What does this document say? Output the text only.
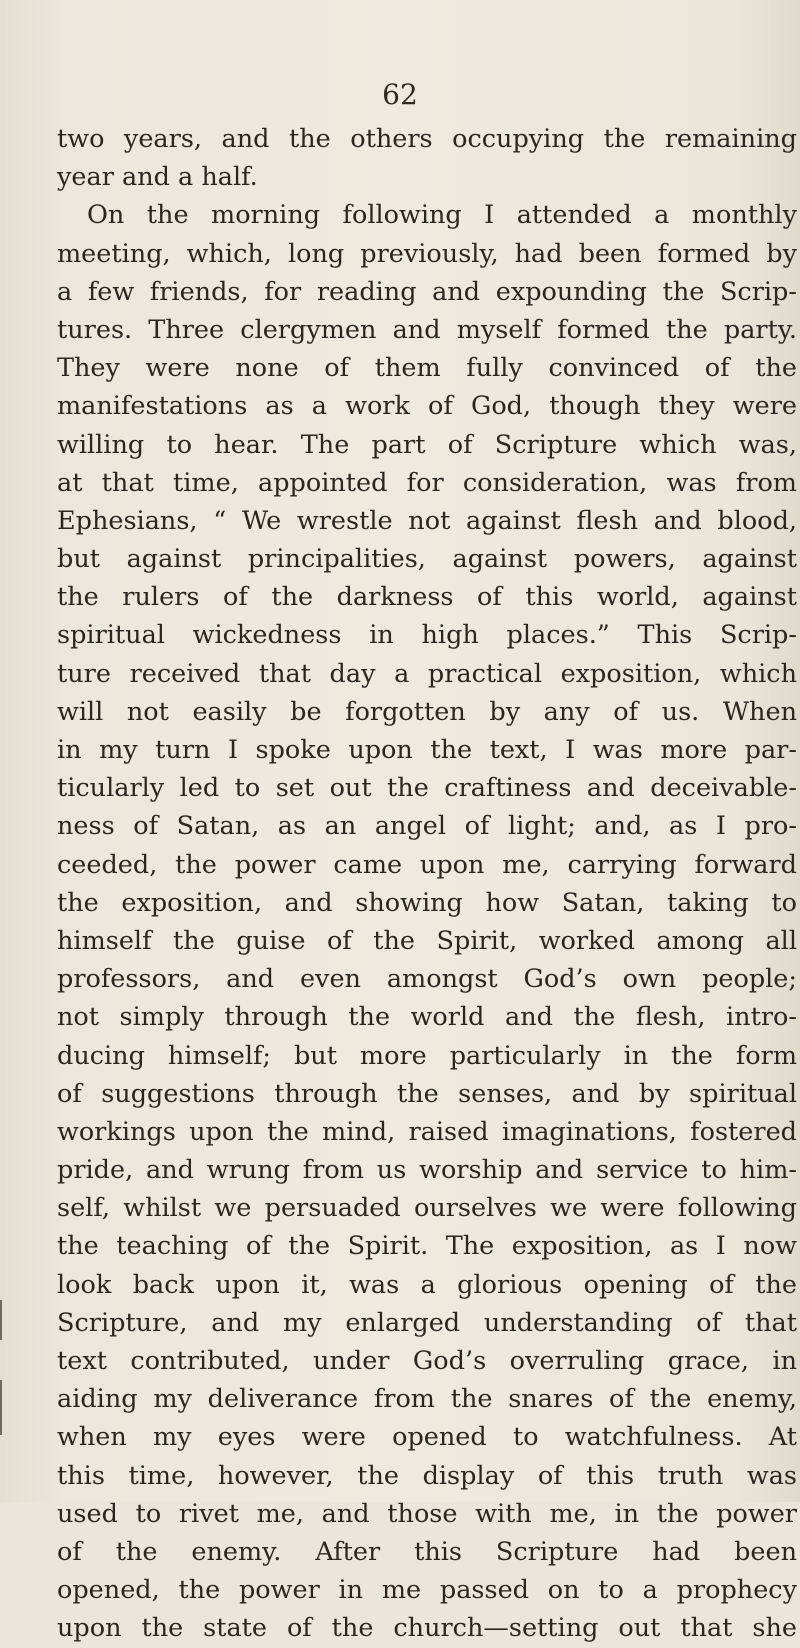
62
two years, and the others occupying the remaining
year and a half.
On the morning following I attended a monthly
meeting, which, long previously, had been formed by
a few friends, for reading and expounding the Scrip-
tures. Three clergymen and myself formed the party.
They were none of them fully convinced of the
manifestations as a work of God, though they were
willing to hear. The part of Scripture which was,
at that time, appointed for consideration, was from
Ephesians, “ We wrestle not against flesh and blood,
but against principalities, against powers, against
the rulers of the darkness of this world, against
spiritual wickedness in high places.” This Scrip-
ture received that day a practical exposition, which
will not easily be forgotten by any of us. When
in my turn I spoke upon the text, I was more par-
ticularly led to set out the craftiness and deceivable-
ness of Satan, as an angel of light; and, as I pro-
ceeded, the power came upon me, carrying forward
the exposition, and showing how Satan, taking to
himself the guise of the Spirit, worked among all
professors, and even amongst God’s own people;
not simply through the world and the flesh, intro-
ducing himself; but more particularly in the form
of suggestions through the senses, and by spiritual
workings upon the mind, raised imaginations, fostered
pride, and wrung from us worship and service to him-
self, whilst we persuaded ourselves we were following
the teaching of the Spirit. The exposition, as I now
look back upon it, was a glorious opening of the
Scripture, and my enlarged understanding of that
text contributed, under God’s overruling grace, in
aiding my deliverance from the snares of the enemy,
when my eyes were opened to watchfulness. At
this time, however, the display of this truth was
used to rivet me, and those with me, in the power
of the enemy. After this Scripture had been
opened, the power in me passed on to a prophecy
upon the state of the church—setting out that she
